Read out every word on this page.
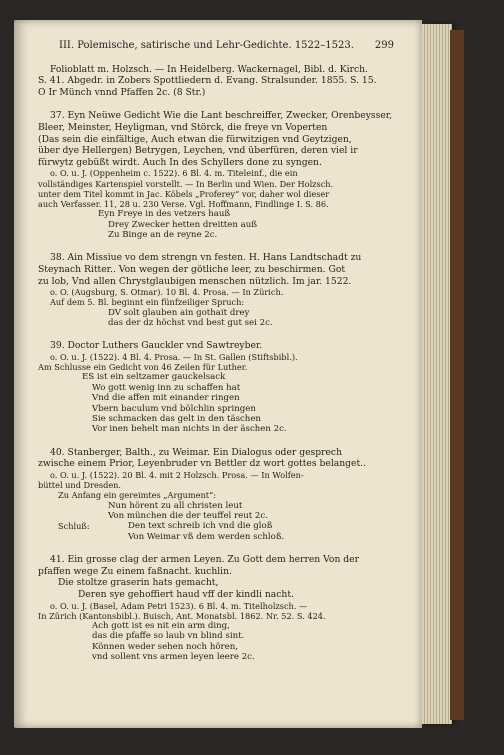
III. Polemische, satirische und Lehr-Gedichte. 1522–1523.	299
Folioblatt m. Holzsch. — In Heidelberg. Wackernagel, Bibl. d. Kirch.
S. 41. Abgedr. in Zobers Spottliedern d. Evang. Stralsunder. 1855. S. 15.
O Ir Münch vnnd Pfaffen 2c. (8 Str.)
37. Eyn Neüwe Gedicht Wie die Lant beschreiffer, Zwecker, Orenbeysser,
Bleer, Meinster, Heyligman, vnd Störck, die freye vn Voperten
(Das sein die einfältige, Auch etwan die fürwitzigen vnd Geytzigen,
über dye Hellergen) Betrygen, Leychen, vnd überfüren, deren viel ir
fürwytz gebüßt wirdt. Auch In des Schyllers done zu syngen.
o. O. u. J. (Oppenheim c. 1522). 6 Bl. 4. m. Titeleinf., die ein
vollständiges Kartenspiel vorstellt. — In Berlin und Wien. Der Holzsch.
unter dem Titel kommt in Jac. Köbels „Proferey“ vor, daher wol dieser
auch Verfasser. 11, 28 u. 230 Verse. Vgl. Hoffmann, Findlinge I. S. 86.
Eyn Freye in des vetzers hauß
Drey Zwecker hetten dreitten auß
Zu Binge an de reyne 2c.
38. Ain Missiue vo dem strengn vn festen. H. Hans Landtschadt zu
Steynach Ritter.. Von wegen der götliche leer, zu beschirmen. Got
zu lob, Vnd allen Chrystglaubigen menschen nützlich. Im jar. 1522.
o. O. (Augsburg, S. Otmar). 10 Bl. 4. Prosa. — In Zürich.
Auf dem 5. Bl. beginnt ein fünfzeiliger Spruch:
DV solt glauben ain gothait drey
das der dz höchst vnd best gut sei 2c.
39. Doctor Luthers Gauckler vnd Sawtreyber.
o. O. u. J. (1522). 4 Bl. 4. Prosa. — In St. Gallen (Stiftsbibl.).
Am Schlusse ein Gedicht von 46 Zeilen für Luther.
ES ist ein seltzamer gauckelsack
Wo gott wenig inn zu schaffen hat
Vnd die affen mit einander ringen
Vbern baculum vnd bölchlin springen
Sie schmacken das gelt in den täschen
Vor inen behelt man nichts in der äschen 2c.
40. Stanberger, Balth., zu Weimar. Ein Dialogus oder gesprech
zwische einem Prior, Leyenbruder vn Bettler dz wort gottes belanget..
o. O. u. J. (1522). 20 Bl. 4. mit 2 Holzsch. Prosa. — In Wolfen-
büttel und Dresden.
Zu Anfang ein gereimtes „Argument“:
Nun hörent zu all christen leut
Von münchen die der teuffel reut 2c.
Schluß:	Den text schreib ich vnd die gloß
Von Weimar vß dem werden schloß.
41. Ein grosse clag der armen Leyen. Zu Gott dem herren Von der
pfaffen wege Zu einem faßnacht. kuchlin.
Die stoltze graserin hats gemacht,
Deren sye gehoffiert haud vff der kindli nacht.
o. O. u. J. (Basel, Adam Petri 1523). 6 Bl. 4. m. Titelholzsch. —
In Zürich (Kantonsbibl.). Buisch, Ant. Monatsbl. 1862. Nr. 52. S. 424.
Ach gott ist es nit ein arm ding,
das die pfaffe so laub vn blind sint.
Können weder sehen noch hören,
vnd sollent vns armen leyen leere 2c.
